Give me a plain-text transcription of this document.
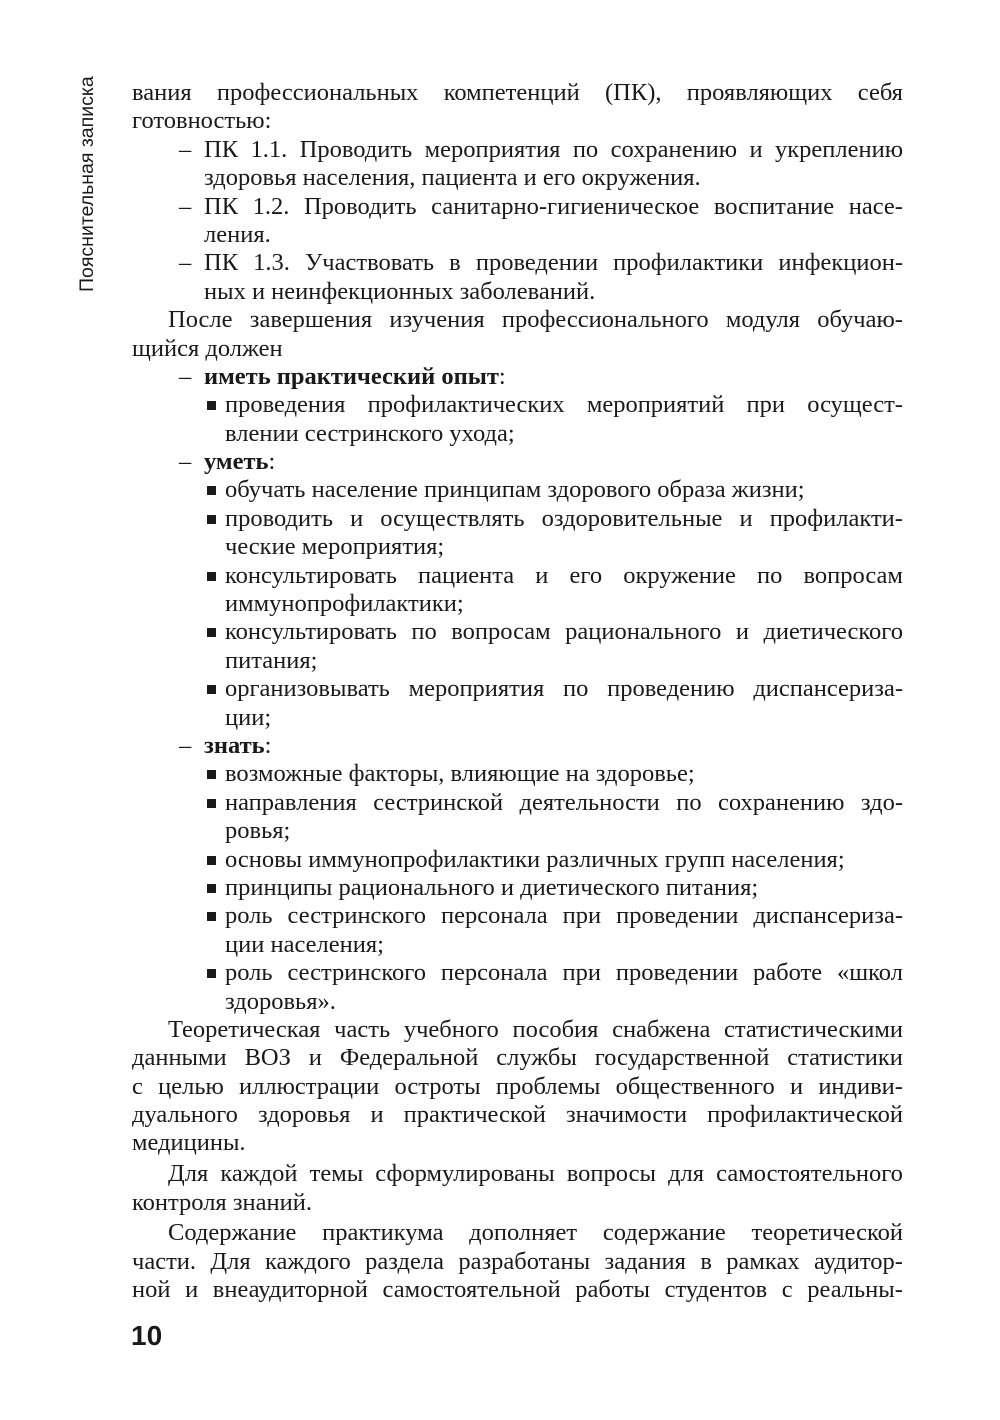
Пояснительная записка вания профессиональных компетенций (ПК), проявляющих себя
готовностью:
– ПК 1.1. Проводить мероприятия по сохранению и укреплению
здоровья населения, пациента и его окружения.
– ПК 1.2. Проводить санитарно-гигиеническое воспитание насе-
ления.
– ПК 1.3. Участвовать в проведении профилактики инфекцион-
ных и неинфекционных заболеваний.
После завершения изучения профессионального модуля обучаю-
щийся должен
– иметь практический опыт:
проведения профилактических мероприятий при осущест-
влении сестринского ухода;
– уметь:
обучать население принципам здорового образа жизни;
проводить и осуществлять оздоровительные и профилакти-
ческие мероприятия;
консультировать пациента и его окружение по вопросам
иммунопрофилактики;
консультировать по вопросам рационального и диетического
питания;
организовывать мероприятия по проведению диспансериза-
ции;
– знать:
возможные факторы, влияющие на здоровье;
направления сестринской деятельности по сохранению здо-
ровья;
основы иммунопрофилактики различных групп населения;
принципы рационального и диетического питания;
роль сестринского персонала при проведении диспансериза-
ции населения;
роль сестринского персонала при проведении работе «школ
здоровья».
Теоретическая часть учебного пособия снабжена статистическими
данными ВОЗ и Федеральной службы государственной статистики
с целью иллюстрации остроты проблемы общественного и индиви-
дуального здоровья и практической значимости профилактической
медицины.
Для каждой темы сформулированы вопросы для самостоятельного
контроля знаний.
Содержание практикума дополняет содержание теоретической
части. Для каждого раздела разработаны задания в рамках аудитор-
ной и внеаудиторной самостоятельной работы студентов с реальны-
10
